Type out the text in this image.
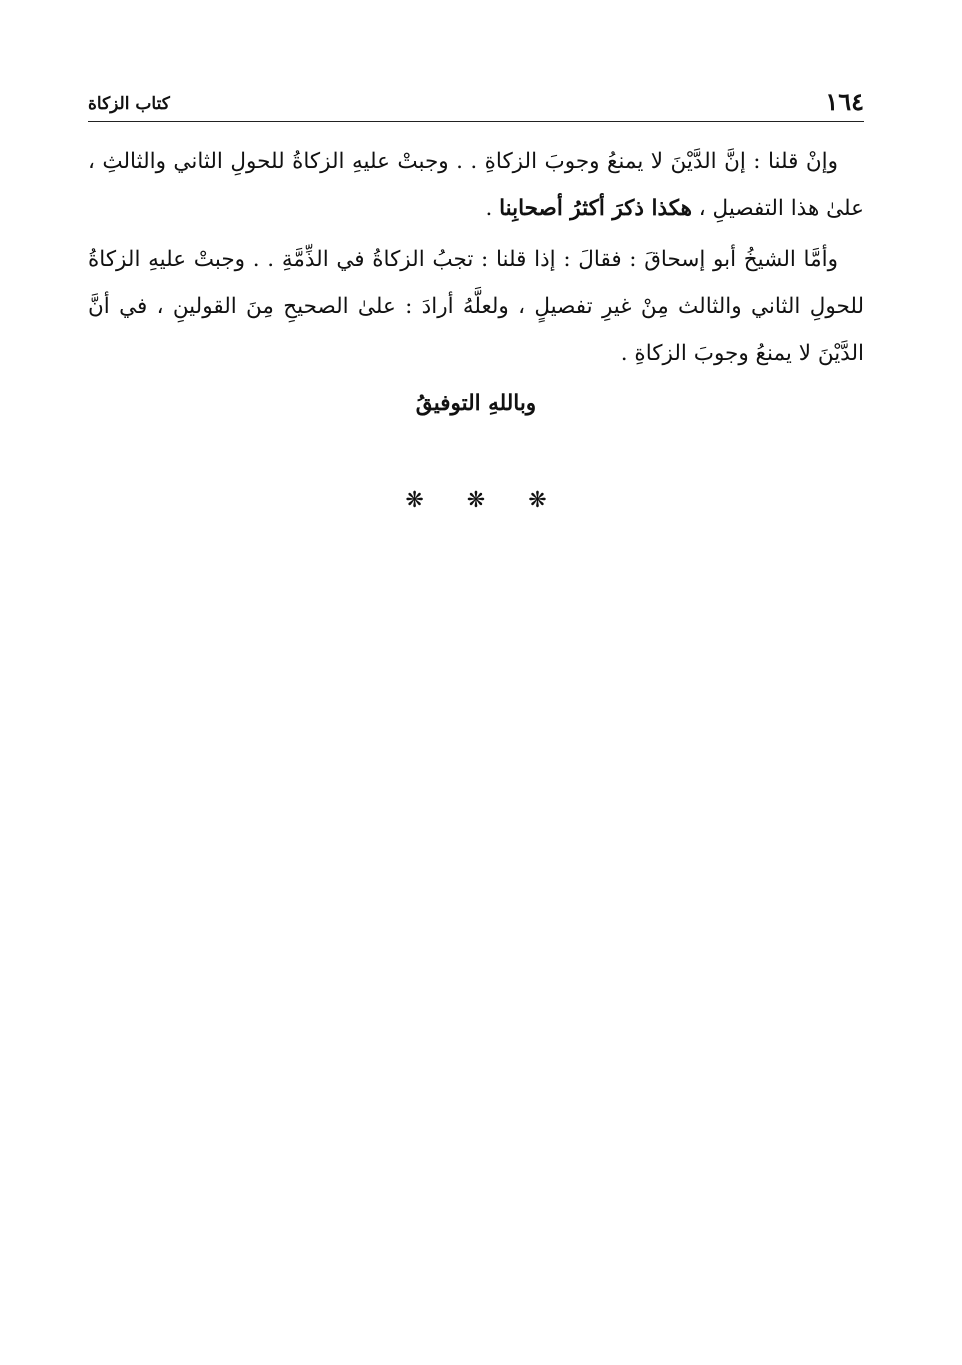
١٦٤
كتاب الزكاة

وإنْ قلنا : إنَّ الدَّيْنَ لا يمنعُ وجوبَ الزكاةِ . . وجبتْ عليهِ الزكاةُ للحولِ الثاني والثالثِ ، علىٰ هذا التفصيلِ ، هكذا ذكرَ أكثرُ أصحابِنا .

وأمَّا الشيخُ أبو إسحاقَ : فقالَ : إذا قلنا : تجبُ الزكاةُ في الذِّمَّةِ . . وجبتْ عليهِ الزكاةُ للحولِ الثاني والثالث مِنْ غيرِ تفصيلٍ ، ولعلَّهُ أرادَ : علىٰ الصحيحِ مِنَ القولينِ ، في أنَّ الدَّيْنَ لا يمنعُ وجوبَ الزكاةِ .

وباللهِ التوفيقُ
❋ ❋ ❋
